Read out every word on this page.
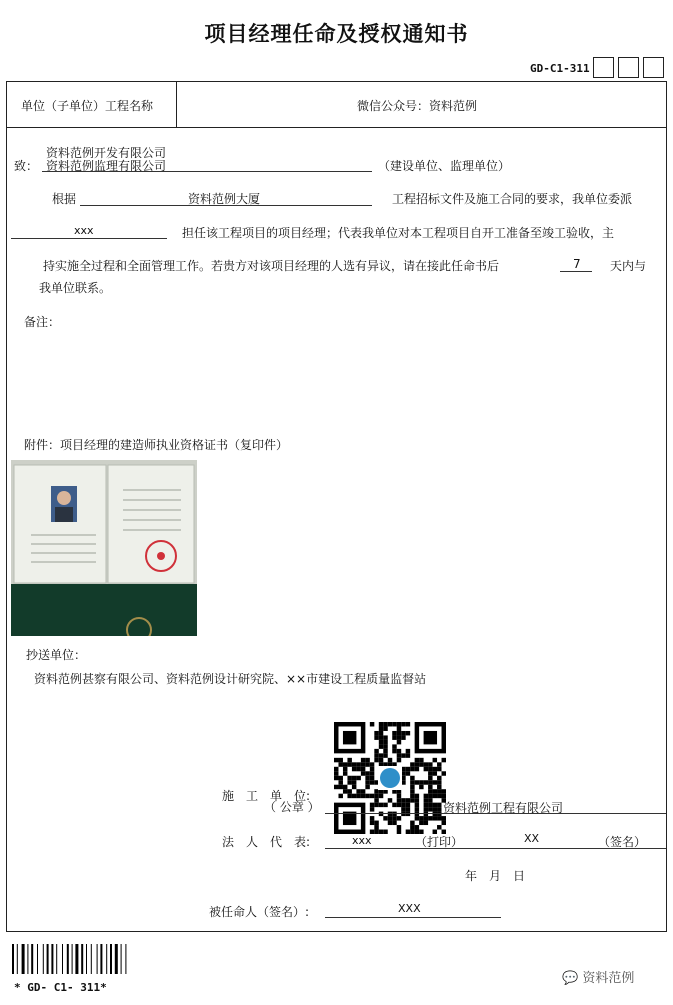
项目经理任命及授权通知书
GD-C1-311
单位（子单位）工程名称	微信公众号：资料范例
致：
资料范例开发有限公司
资料范例监理有限公司	（建设单位、监理单位）
根据	资料范例大厦	工程招标文件及施工合同的要求，我单位委派
xxx	担任该工程项目的项目经理；代表我单位对本工程项目自开工准备至竣工验收，主
持实施全过程和全面管理工作。若贵方对该项目经理的人选有异议，请在接此任命书后	7 天内与
我单位联系。
备注：
附件：项目经理的建造师执业资格证书（复印件）
抄送单位：
资料范例甚察有限公司、资料范例设计研究院、××市建设工程质量监督站
施　工　单　位:
（ 公章 ）	资料范例工程有限公司
法　人　代　表:	xxx	（打印）	XX	（签名）
年　月　日
被任命人（签名）:	XXX
* GD- C1- 311*
💬 资料范例
